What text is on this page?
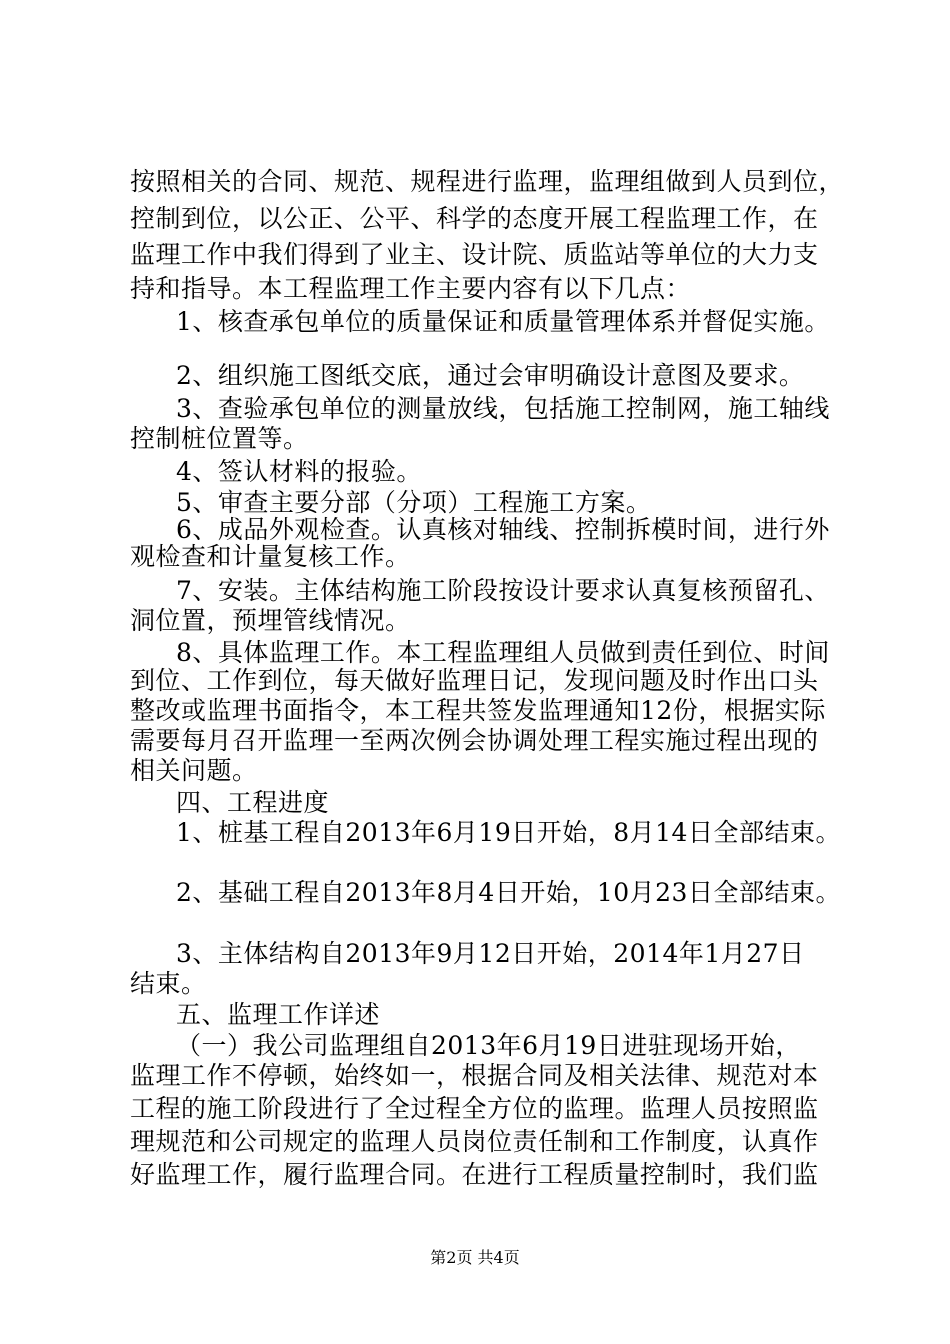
按照相关的合同、规范、规程进行监理，监理组做到人员到位，
控制到位，以公正、公平、科学的态度开展工程监理工作，在
监理工作中我们得到了业主、设计院、质监站等单位的大力支
持和指导。本工程监理工作主要内容有以下几点：
1、核查承包单位的质量保证和质量管理体系并督促实施。
2、组织施工图纸交底，通过会审明确设计意图及要求。
3、查验承包单位的测量放线，包括施工控制网，施工轴线
控制桩位置等。
4、签认材料的报验。
5、审查主要分部（分项）工程施工方案。
6、成品外观检查。认真核对轴线、控制拆模时间，进行外
观检查和计量复核工作。
7、安装。主体结构施工阶段按设计要求认真复核预留孔、
洞位置，预埋管线情况。
8、具体监理工作。本工程监理组人员做到责任到位、时间
到位、工作到位，每天做好监理日记，发现问题及时作出口头
整改或监理书面指令，本工程共签发监理通知12份，根据实际
需要每月召开监理一至两次例会协调处理工程实施过程出现的
相关问题。
四、工程进度
1、桩基工程自2013年6月19日开始，8月14日全部结束。
2、基础工程自2013年8月4日开始，10月23日全部结束。
3、主体结构自2013年9月12日开始，2014年1月27日
结束。
五、监理工作详述
（一）我公司监理组自2013年6月19日进驻现场开始，
监理工作不停顿，始终如一，根据合同及相关法律、规范对本
工程的施工阶段进行了全过程全方位的监理。监理人员按照监
理规范和公司规定的监理人员岗位责任制和工作制度，认真作
好监理工作，履行监理合同。在进行工程质量控制时，我们监
第2页 共4页
